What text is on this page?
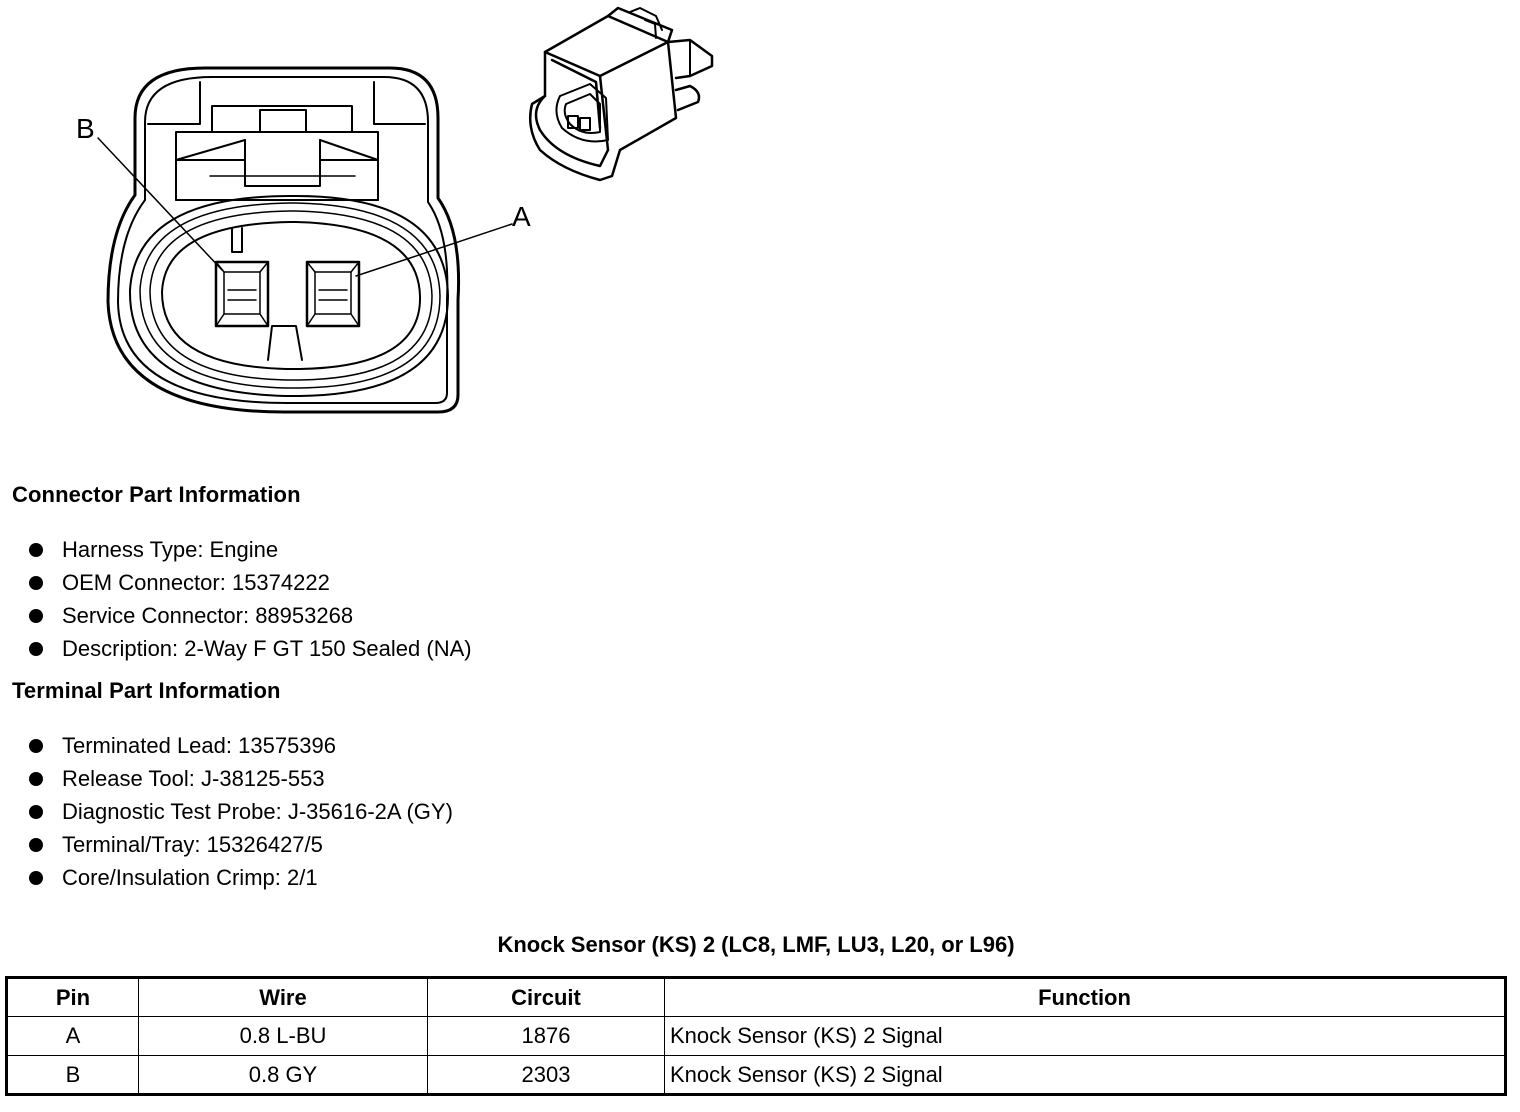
B
A
Connector Part Information
Harness Type: Engine
OEM Connector: 15374222
Service Connector: 88953268
Description: 2-Way F GT 150 Sealed (NA)
Terminal Part Information
Terminated Lead: 13575396
Release Tool: J-38125-553
Diagnostic Test Probe: J-35616-2A (GY)
Terminal/Tray: 15326427/5
Core/Insulation Crimp: 2/1
Knock Sensor (KS) 2 (LC8, LMF, LU3, L20, or L96)
Pin	Wire	Circuit	Function
A	0.8 L-BU	1876	Knock Sensor (KS) 2 Signal
B	0.8 GY	2303	Knock Sensor (KS) 2 Signal
